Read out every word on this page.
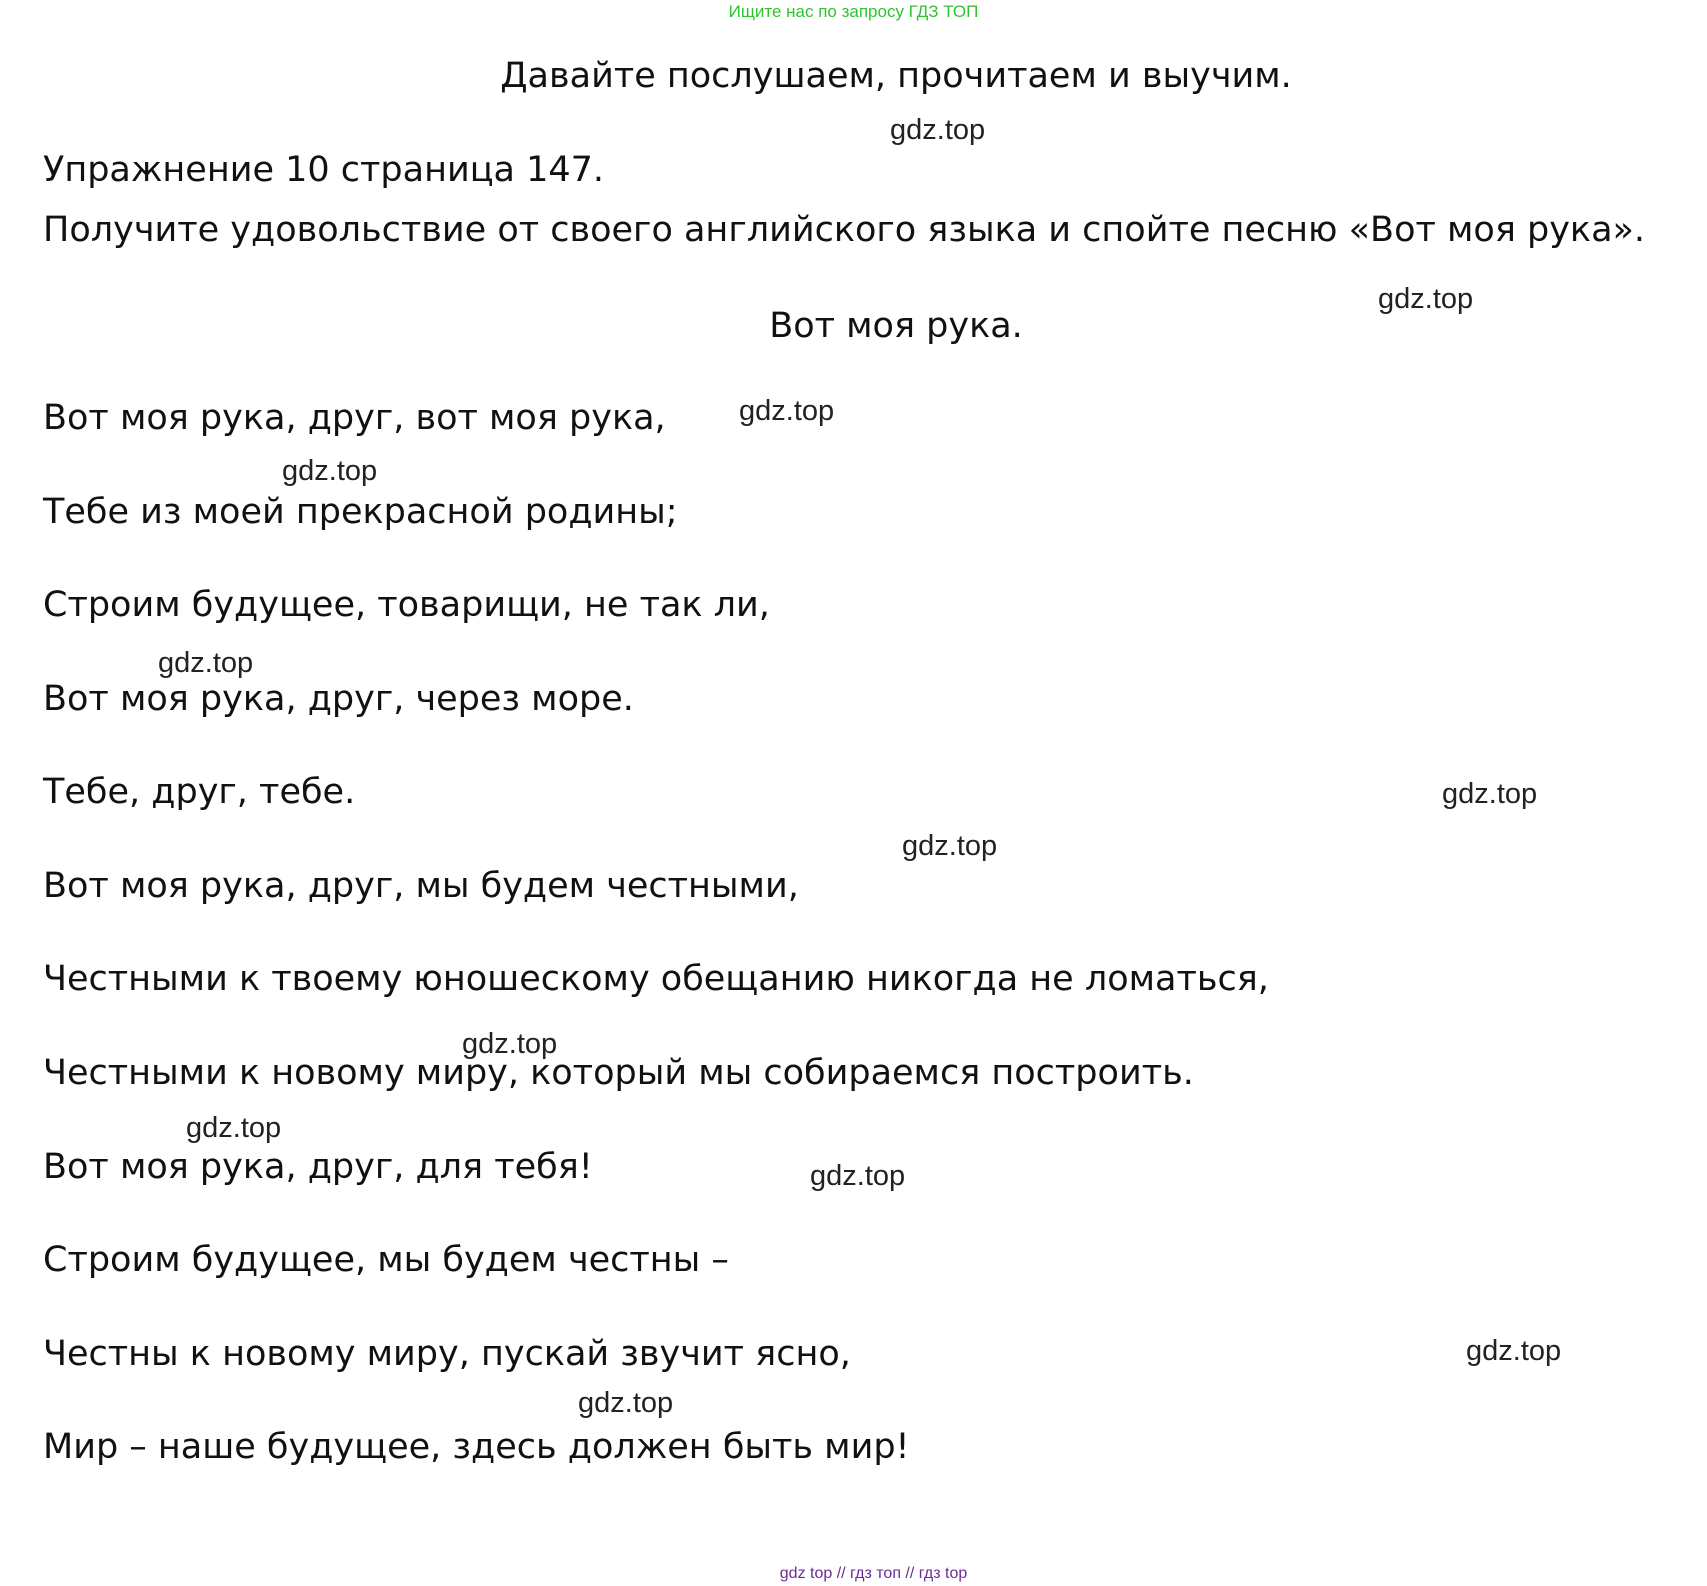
Ищите нас по запросу ГДЗ ТОП
Давайте послушаем, прочитаем и выучим.
Упражнение 10 страница 147.
Получите удовольствие от своего английского языка и спойте песню «Вот моя рука».
Вот моя рука.
Вот моя рука, друг, вот моя рука,
Тебе из моей прекрасной родины;
Строим будущее, товарищи, не так ли,
Вот моя рука, друг, через море.
Тебе, друг, тебе.
Вот моя рука, друг, мы будем честными,
Честными к твоему юношескому обещанию никогда не ломаться,
Честными к новому миру, который мы собираемся построить.
Вот моя рука, друг, для тебя!
Строим будущее, мы будем честны –
Честны к новому миру, пускай звучит ясно,
Мир – наше будущее, здесь должен быть мир!
gdz.top
gdz.top
gdz.top
gdz.top
gdz.top
gdz.top
gdz.top
gdz.top
gdz.top
gdz.top
gdz.top
gdz.top
gdz top // гдз топ // гдз top
